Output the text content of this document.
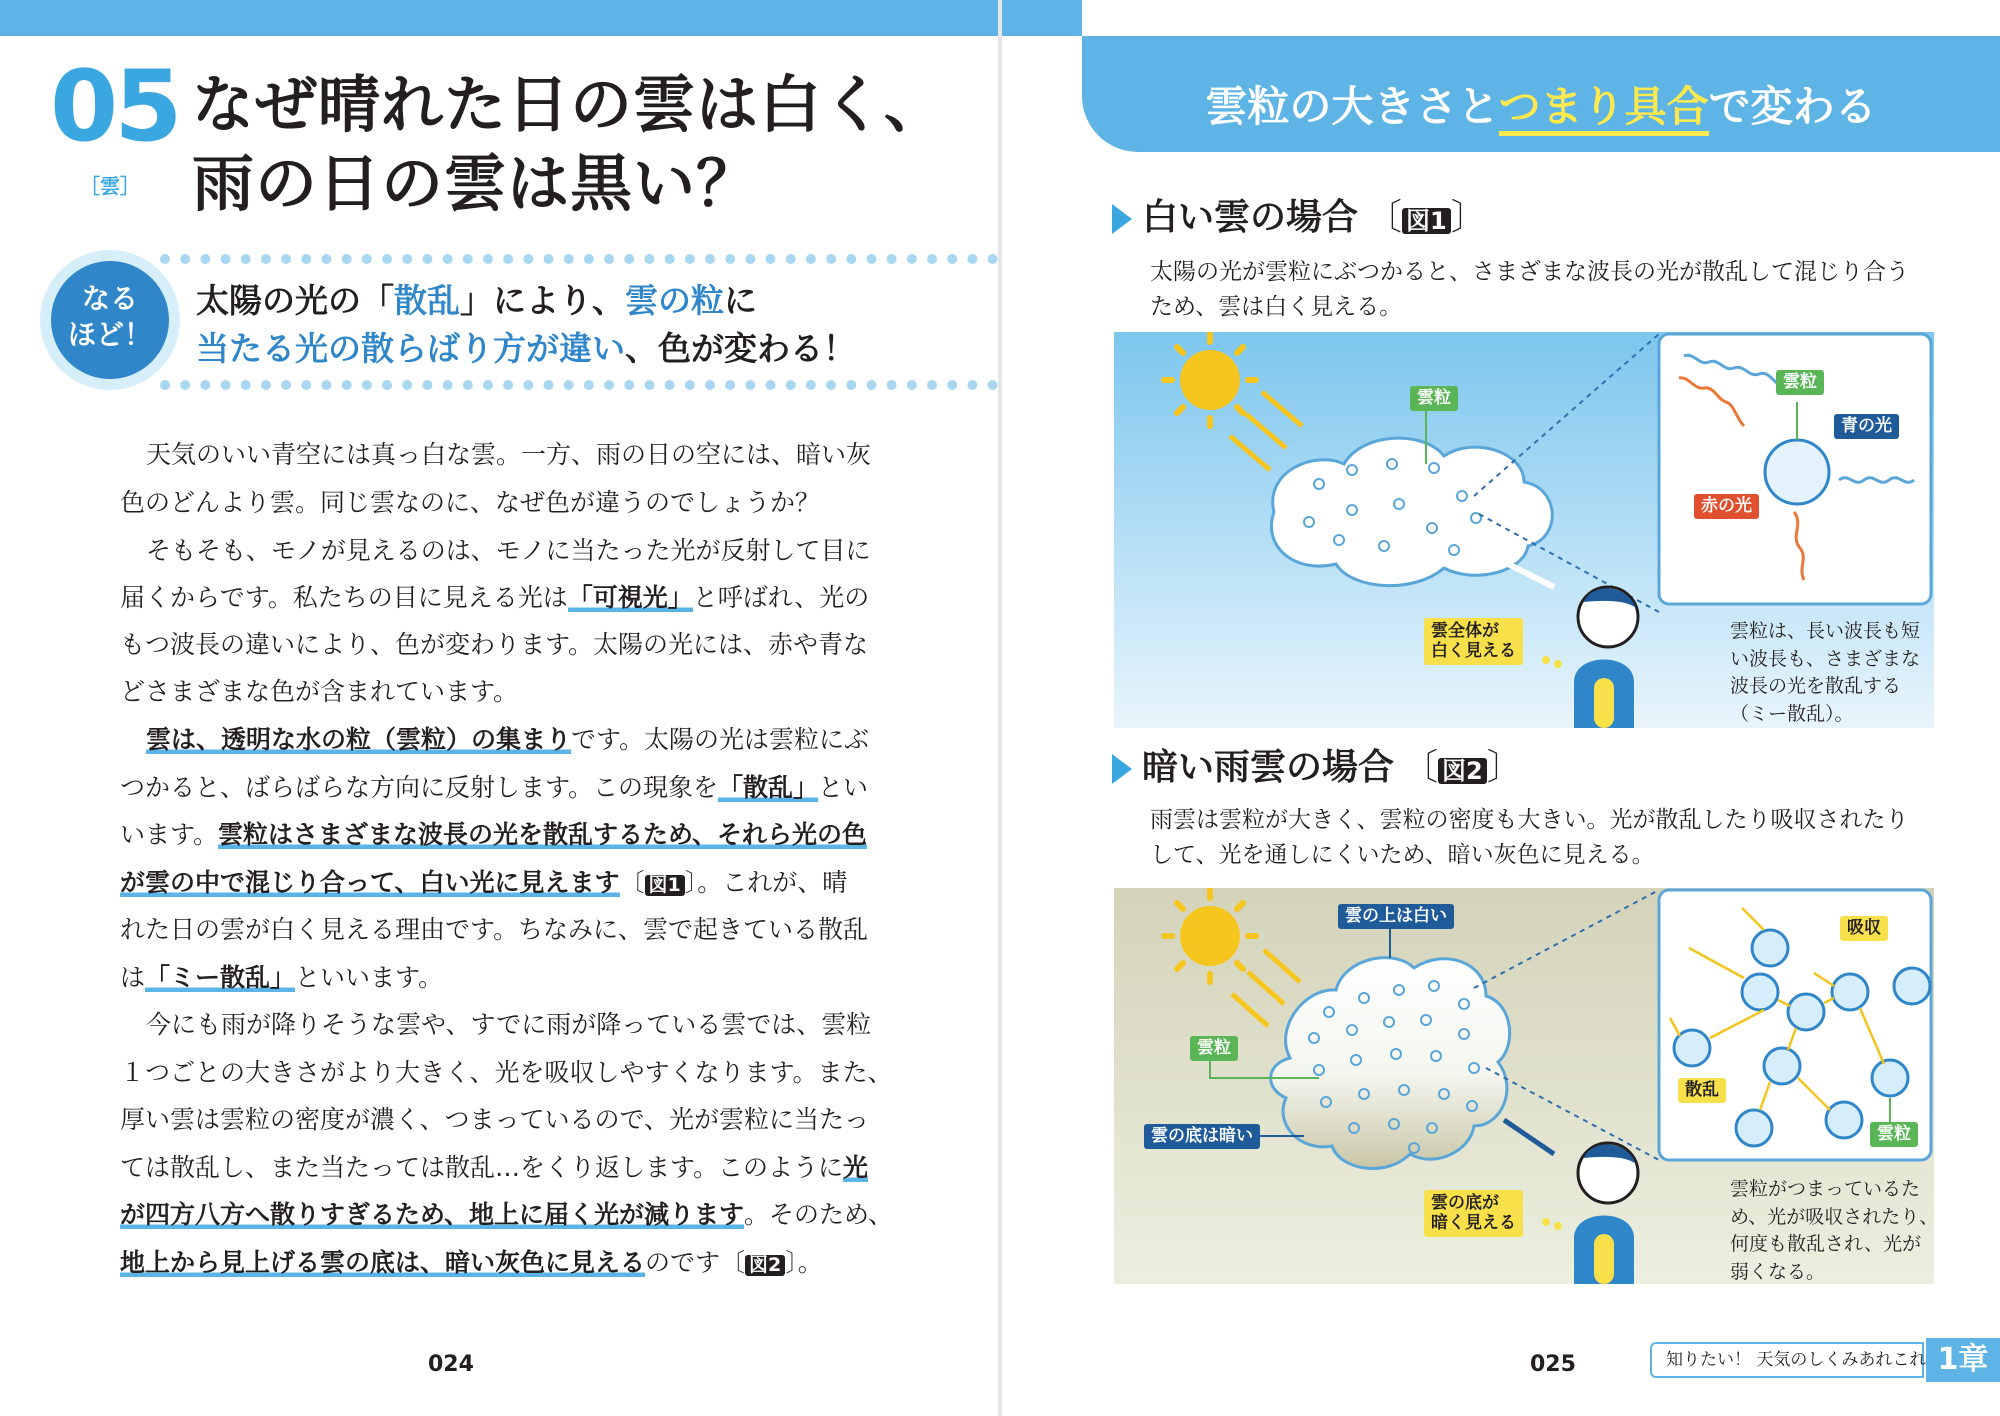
05
［雲］
なぜ晴れた日の雲は白く、
雨の日の雲は黒い？
なる
ほど！
太陽の光の「散乱」により、雲の粒に
当たる光の散らばり方が違い、色が変わる！
天気のいい青空には真っ白な雲。一方、雨の日の空には、暗い灰
色のどんより雲。同じ雲なのに、なぜ色が違うのでしょうか？
そもそも、モノが見えるのは、モノに当たった光が反射して目に
届くからです。私たちの目に見える光は「可視光」と呼ばれ、光の
もつ波長の違いにより、色が変わります。太陽の光には、赤や青な
どさまざまな色が含まれています。
雲は、透明な水の粒（雲粒）の集まりです。太陽の光は雲粒にぶ
つかると、ばらばらな方向に反射します。この現象を「散乱」とい
います。雲粒はさまざまな波長の光を散乱するため、それら光の色
が雲の中で混じり合って、白い光に見えます〔 図1 〕。これが、晴
れた日の雲が白く見える理由です。ちなみに、雲で起きている散乱
は「ミー散乱」といいます。
今にも雨が降りそうな雲や、すでに雨が降っている雲では、雲粒
１つごとの大きさがより大きく、光を吸収しやすくなります。また、
厚い雲は雲粒の密度が濃く、つまっているので、光が雲粒に当たっ
ては散乱し、また当たっては散乱…をくり返します。このように光
が四方八方へ散りすぎるため、地上に届く光が減ります。そのため、
地上から見上げる雲の底は、暗い灰色に見えるのです〔 図2 〕。
024
雲粒の大きさとつまり具合で変わる
白い雲の場合 〔 図1 〕
太陽の光が雲粒にぶつかると、さまざまな波長の光が散乱して混じり合う
ため、雲は白く見える。
雲粒
雲全体が
白く見える
雲粒
青の光
赤の光
雲粒は、長い波長も短
い波長も、さまざまな
波長の光を散乱する
（ミー散乱）。
暗い雨雲の場合 〔 図2 〕
雨雲は雲粒が大きく、雲粒の密度も大きい。光が散乱したり吸収されたり
して、光を通しにくいため、暗い灰色に見える。
雲の上は白い
雲粒
雲の底は暗い
雲の底が
暗く見える
吸収
散乱
雲粒
雲粒がつまっているた
め、光が吸収されたり、
何度も散乱され、光が
弱くなる。
025	知りたい！ 天気のしくみあれこれ 1章
